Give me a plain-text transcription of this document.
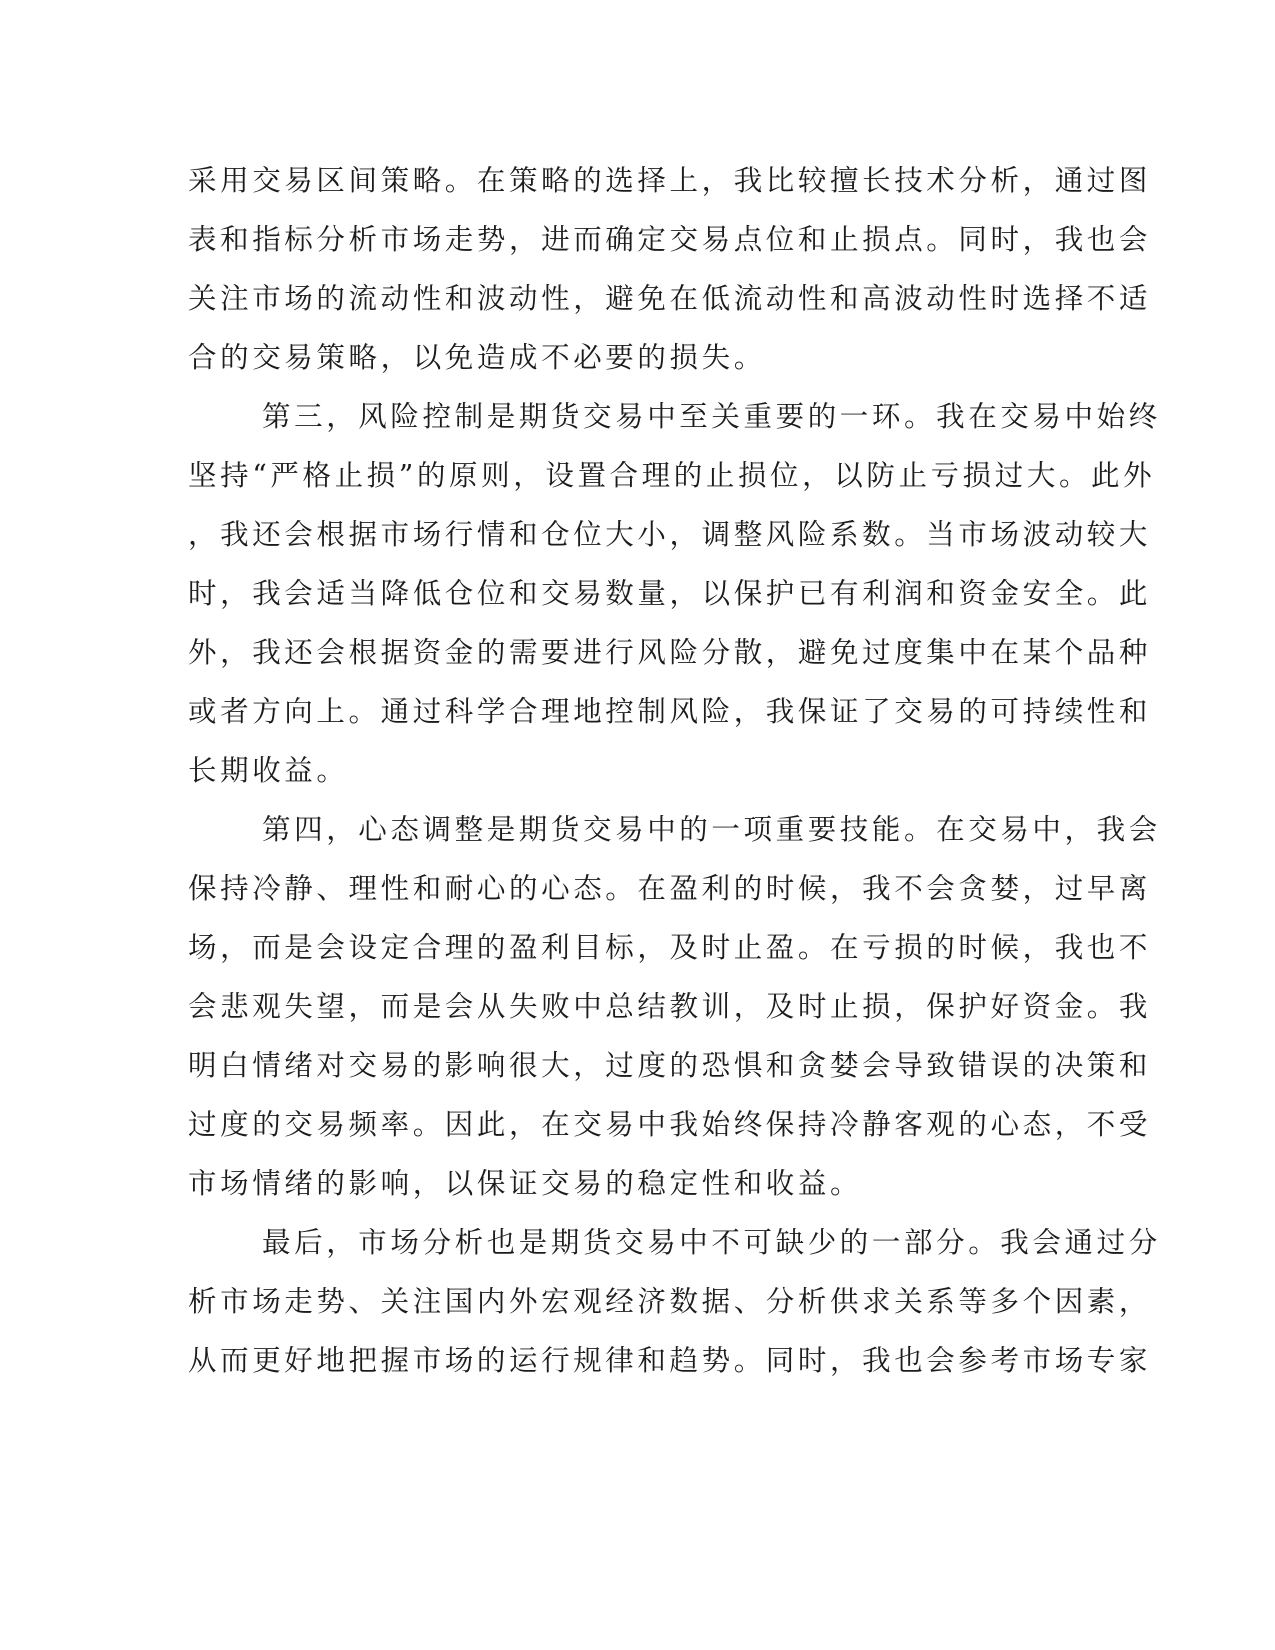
采用交易区间策略。在策略的选择上，我比较擅长技术分析，通过图
表和指标分析市场走势，进而确定交易点位和止损点。同时，我也会
关注市场的流动性和波动性，避免在低流动性和高波动性时选择不适
合的交易策略，以免造成不必要的损失。
第三，风险控制是期货交易中至关重要的一环。我在交易中始终
坚持“严格止损”的原则，设置合理的止损位，以防止亏损过大。此外
，我还会根据市场行情和仓位大小，调整风险系数。当市场波动较大
时，我会适当降低仓位和交易数量，以保护已有利润和资金安全。此
外，我还会根据资金的需要进行风险分散，避免过度集中在某个品种
或者方向上。通过科学合理地控制风险，我保证了交易的可持续性和
长期收益。
第四，心态调整是期货交易中的一项重要技能。在交易中，我会
保持冷静、理性和耐心的心态。在盈利的时候，我不会贪婪，过早离
场，而是会设定合理的盈利目标，及时止盈。在亏损的时候，我也不
会悲观失望，而是会从失败中总结教训，及时止损，保护好资金。我
明白情绪对交易的影响很大，过度的恐惧和贪婪会导致错误的决策和
过度的交易频率。因此，在交易中我始终保持冷静客观的心态，不受
市场情绪的影响，以保证交易的稳定性和收益。
最后，市场分析也是期货交易中不可缺少的一部分。我会通过分
析市场走势、关注国内外宏观经济数据、分析供求关系等多个因素，
从而更好地把握市场的运行规律和趋势。同时，我也会参考市场专家
